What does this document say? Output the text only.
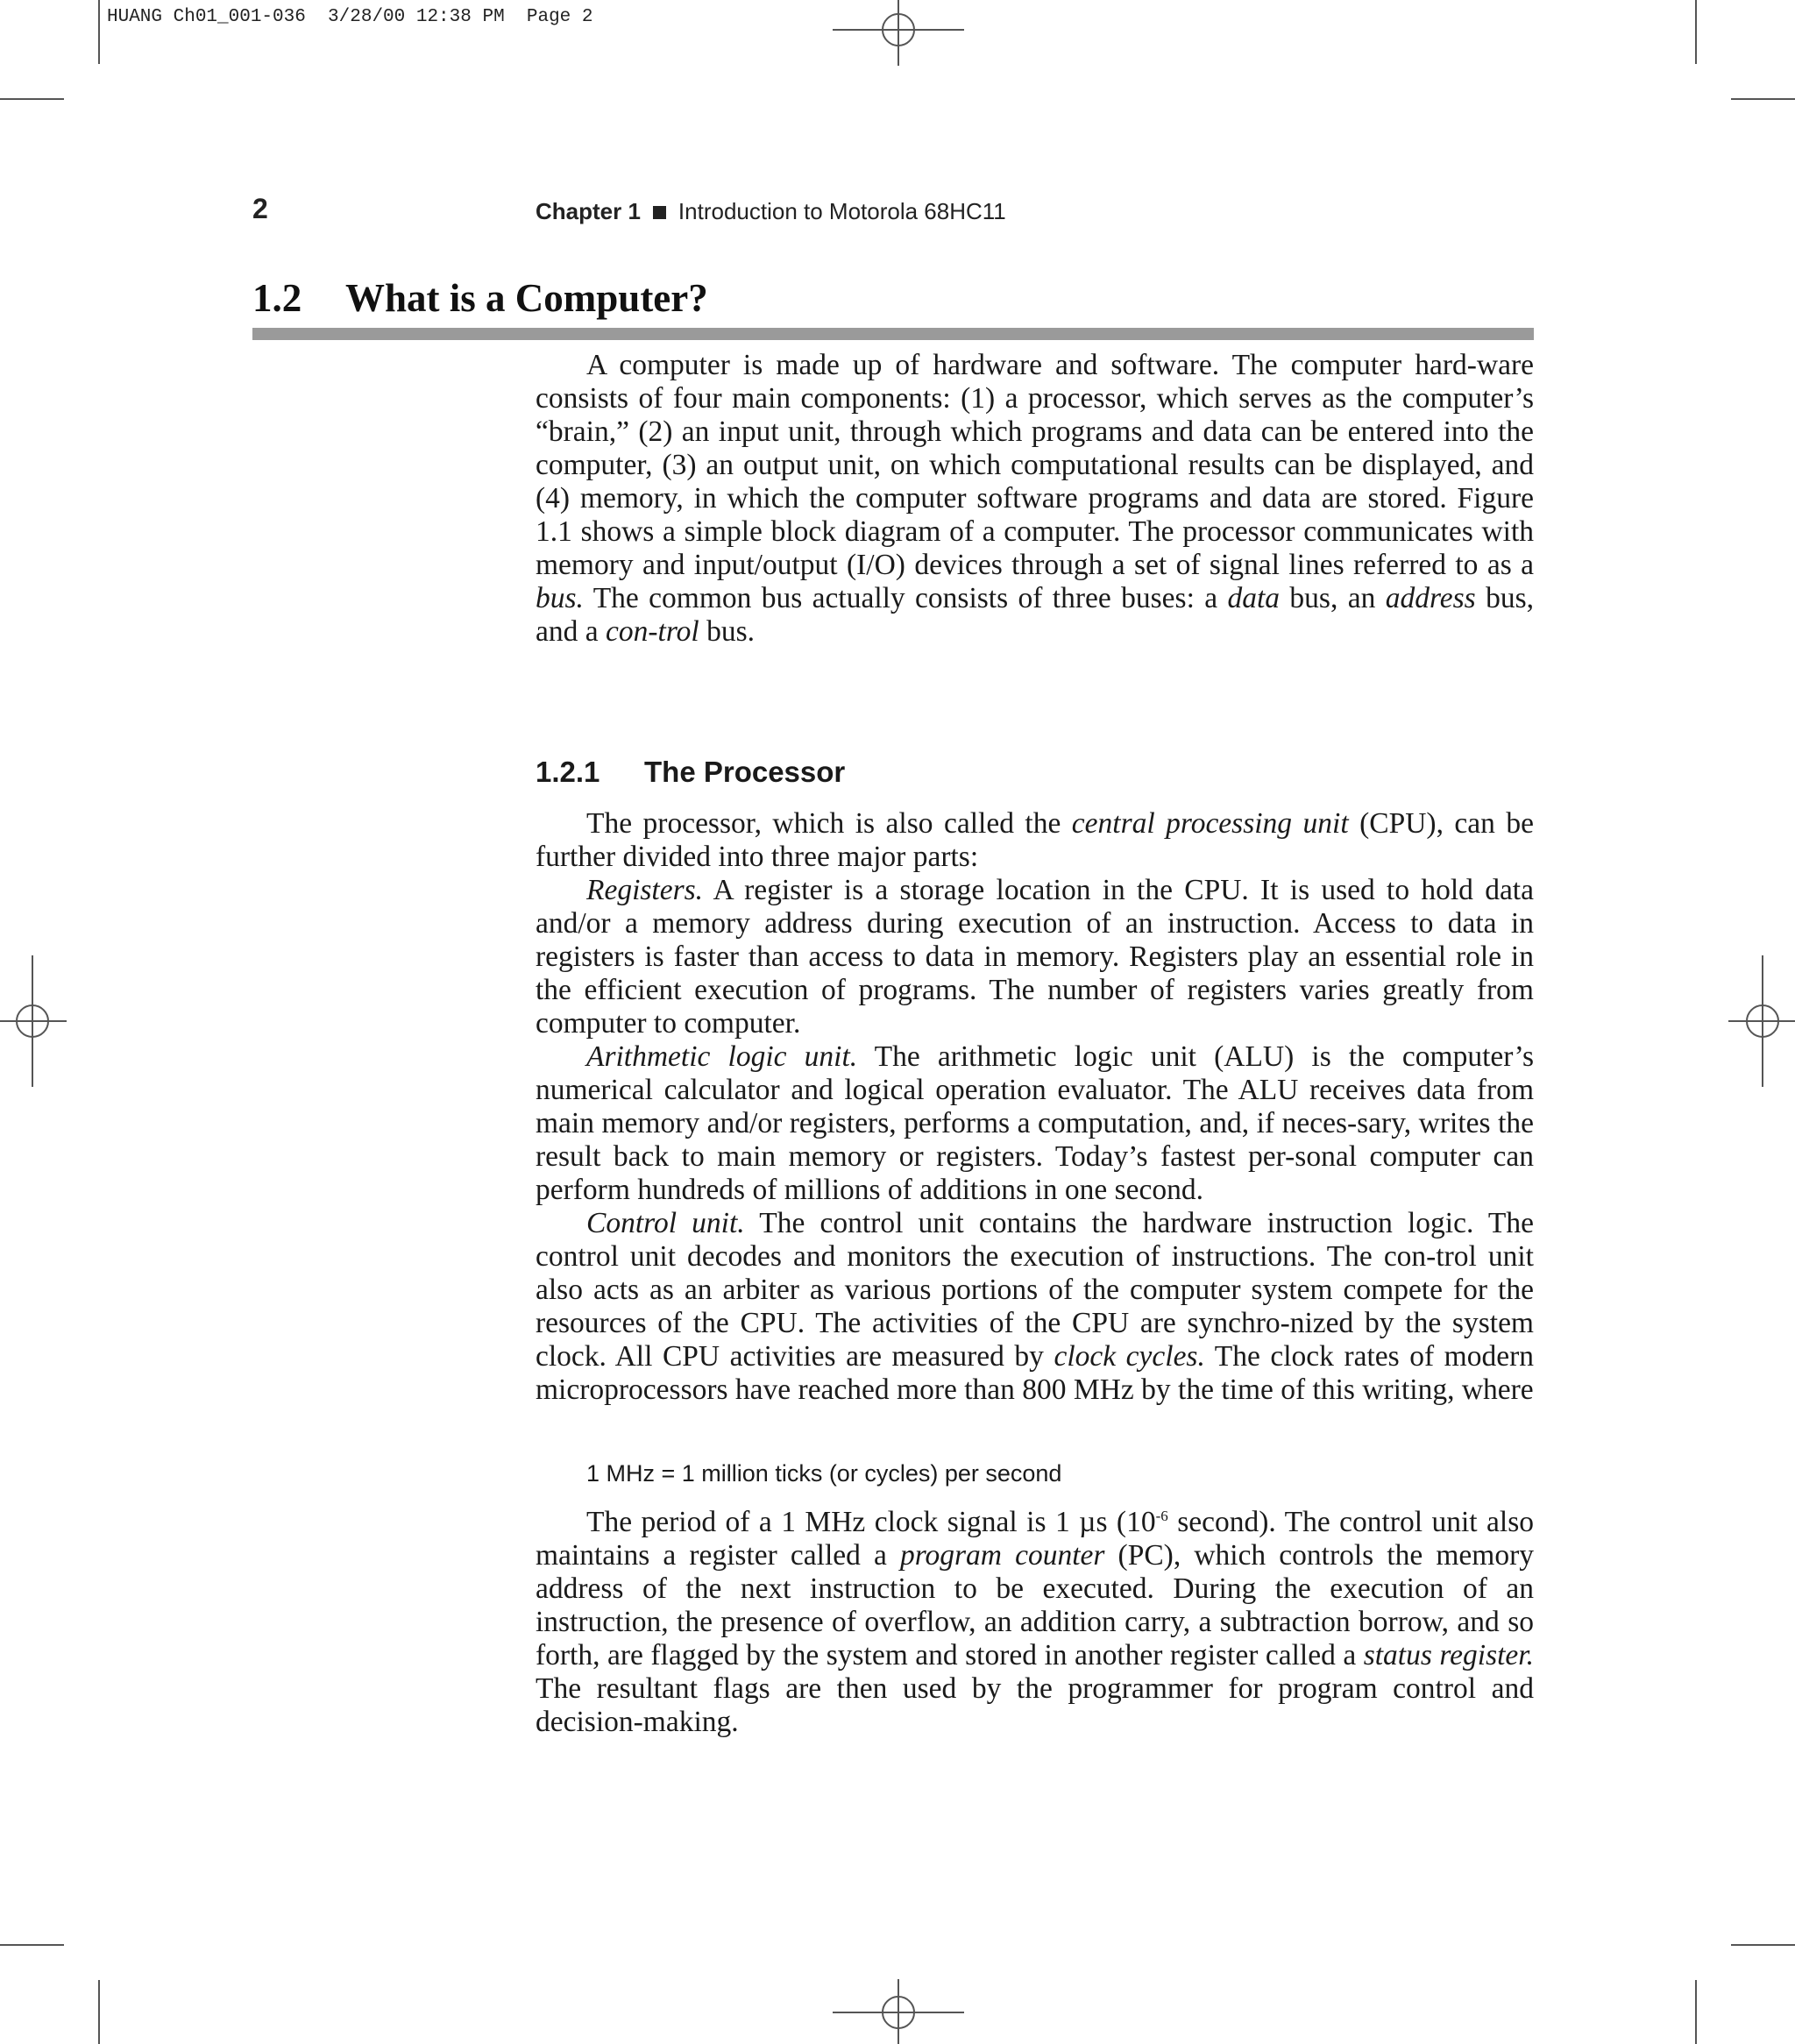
HUANG Ch01_001-036  3/28/00 12:38 PM  Page 2
2	Chapter 1 Introduction to Motorola 68HC11
1.2 What is a Computer?

A computer is made up of hardware and software. The computer hard-ware consists of four main components: (1) a processor, which serves as the computer’s “brain,” (2) an input unit, through which programs and data can be entered into the computer, (3) an output unit, on which computational results can be displayed, and (4) memory, in which the computer software programs and data are stored. Figure 1.1 shows a simple block diagram of a computer. The processor communicates with memory and input/output (I/O) devices through a set of signal lines referred to as a bus. The common bus actually consists of three buses: a data bus, an address bus, and a con-trol bus.

1.2.1 The Processor

The processor, which is also called the central processing unit (CPU), can be further divided into three major parts:

Registers. A register is a storage location in the CPU. It is used to hold data and/or a memory address during execution of an instruction. Access to data in registers is faster than access to data in memory. Registers play an essential role in the efficient execution of programs. The number of registers varies greatly from computer to computer.

Arithmetic logic unit. The arithmetic logic unit (ALU) is the computer’s numerical calculator and logical operation evaluator. The ALU receives data from main memory and/or registers, performs a computation, and, if neces-sary, writes the result back to main memory or registers. Today’s fastest per-sonal computer can perform hundreds of millions of additions in one second.

Control unit. The control unit contains the hardware instruction logic. The control unit decodes and monitors the execution of instructions. The con-trol unit also acts as an arbiter as various portions of the computer system compete for the resources of the CPU. The activities of the CPU are synchro-nized by the system clock. All CPU activities are measured by clock cycles. The clock rates of modern microprocessors have reached more than 800 MHz by the time of this writing, where

1 MHz = 1 million ticks (or cycles) per second

The period of a 1 MHz clock signal is 1 µs ($10^{-6}$ second). The control unit also maintains a register called a program counter (PC), which controls the memory address of the next instruction to be executed. During the execution of an instruction, the presence of overflow, an addition carry, a subtraction borrow, and so forth, are flagged by the system and stored in another register called a status register. The resultant flags are then used by the programmer for program control and decision-making.
